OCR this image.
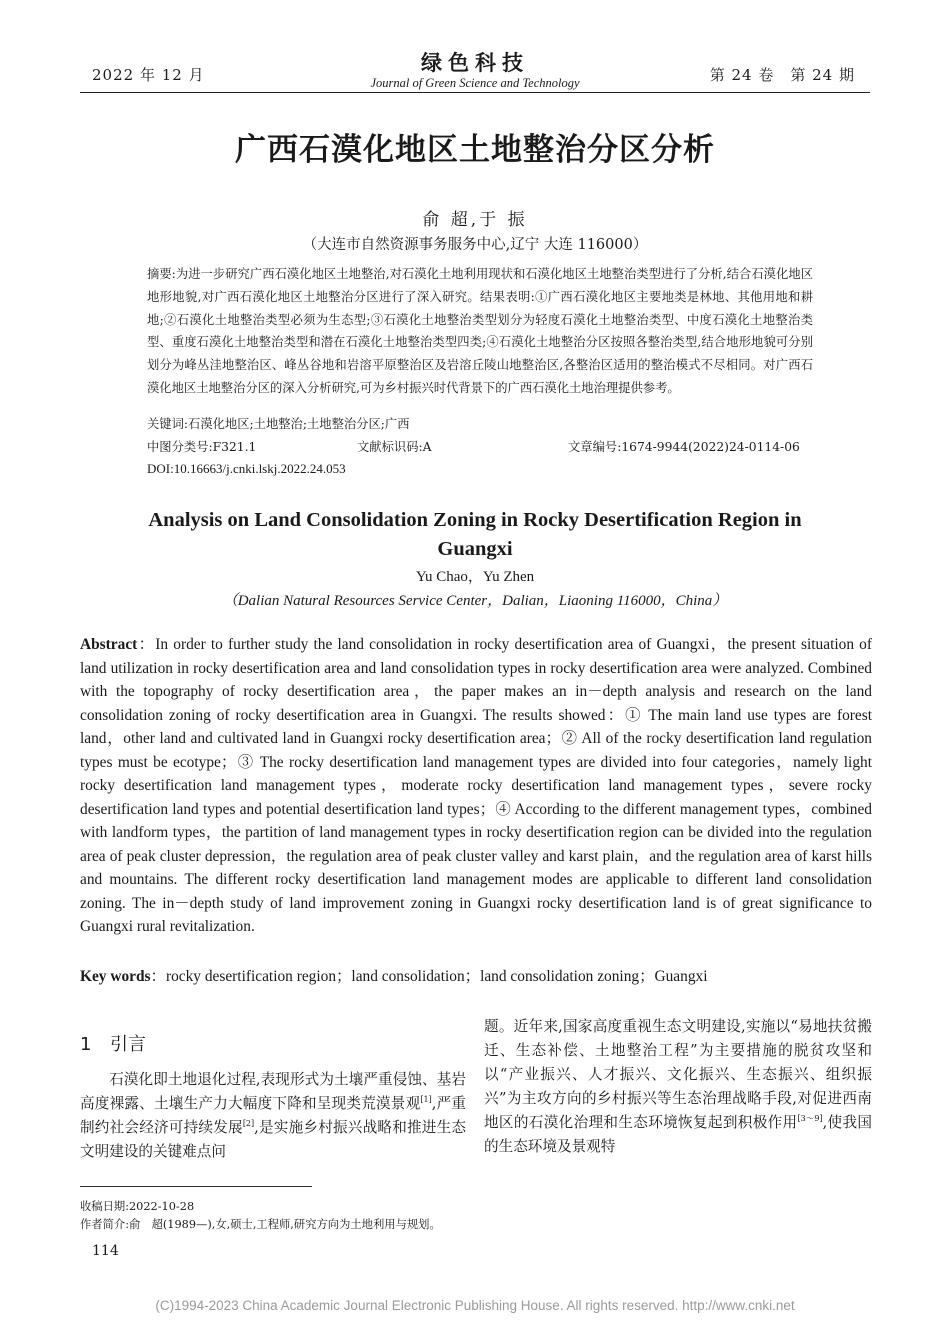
2022 年 12 月	绿色科技
Journal of Green Science and Technology	第 24 卷　第 24 期
广西石漠化地区土地整治分区分析
俞 超,于 振
（大连市自然资源事务服务中心,辽宁 大连 116000）

摘要:为进一步研究广西石漠化地区土地整治,对石漠化土地利用现状和石漠化地区土地整治类型进行了分析,结合石漠化地区地形地貌,对广西石漠化地区土地整治分区进行了深入研究。结果表明:①广西石漠化地区主要地类是林地、其他用地和耕地;②石漠化土地整治类型必须为生态型;③石漠化土地整治类型划分为轻度石漠化土地整治类型、中度石漠化土地整治类型、重度石漠化土地整治类型和潜在石漠化土地整治类型四类;④石漠化土地整治分区按照各整治类型,结合地形地貌可分别划分为峰丛洼地整治区、峰丛谷地和岩溶平原整治区及岩溶丘陵山地整治区,各整治区适用的整治模式不尽相同。对广西石漠化地区土地整治分区的深入分析研究,可为乡村振兴时代背景下的广西石漠化土地治理提供参考。

关键词:石漠化地区;土地整治;土地整治分区;广西
中图分类号:F321.1	文献标识码:A	文章编号:1674-9944(2022)24-0114-06
DOI:10.16663/j.cnki.lskj.2022.24.053
Analysis on Land Consolidation Zoning in Rocky Desertification Region in Guangxi
Yu Chao，Yu Zhen
（Dalian Natural Resources Service Center，Dalian，Liaoning 116000，China）

Abstract：In order to further study the land consolidation in rocky desertification area of Guangxi，the present situation of land utilization in rocky desertification area and land consolidation types in rocky desertification area were analyzed. Combined with the topography of rocky desertification area，the paper makes an in－depth analysis and research on the land consolidation zoning of rocky desertification area in Guangxi. The results showed：① The main land use types are forest land，other land and cultivated land in Guangxi rocky desertification area；② All of the rocky desertification land regulation types must be ecotype；③ The rocky desertification land management types are divided into four categories，namely light rocky desertification land management types，moderate rocky desertification land management types，severe rocky desertification land types and potential desertification land types；④ According to the different management types，combined with landform types，the partition of land management types in rocky desertification region can be divided into the regulation area of peak cluster depression，the regulation area of peak cluster valley and karst plain，and the regulation area of karst hills and mountains. The different rocky desertification land management modes are applicable to different land consolidation zoning. The in－depth study of land improvement zoning in Guangxi rocky desertification land is of great significance to Guangxi rural revitalization.

Key words：rocky desertification region；land consolidation；land consolidation zoning；Guangxi
1 引言

石漠化即土地退化过程,表现形式为土壤严重侵蚀、基岩高度裸露、土壤生产力大幅度下降和呈现类荒漠景观[1],严重制约社会经济可持续发展[2],是实施乡村振兴战略和推进生态文明建设的关键难点问

题。近年来,国家高度重视生态文明建设,实施以“易地扶贫搬迁、生态补偿、土地整治工程”为主要措施的脱贫攻坚和以“产业振兴、人才振兴、文化振兴、生态振兴、组织振兴”为主攻方向的乡村振兴等生态治理战略手段,对促进西南地区的石漠化治理和生态环境恢复起到积极作用[3～9],使我国的生态环境及景观特

收稿日期:2022-10-28
作者简介:俞　超(1989—),女,硕士,工程师,研究方向为土地利用与规划。
114
(C)1994-2023 China Academic Journal Electronic Publishing House. All rights reserved. http://www.cnki.net
